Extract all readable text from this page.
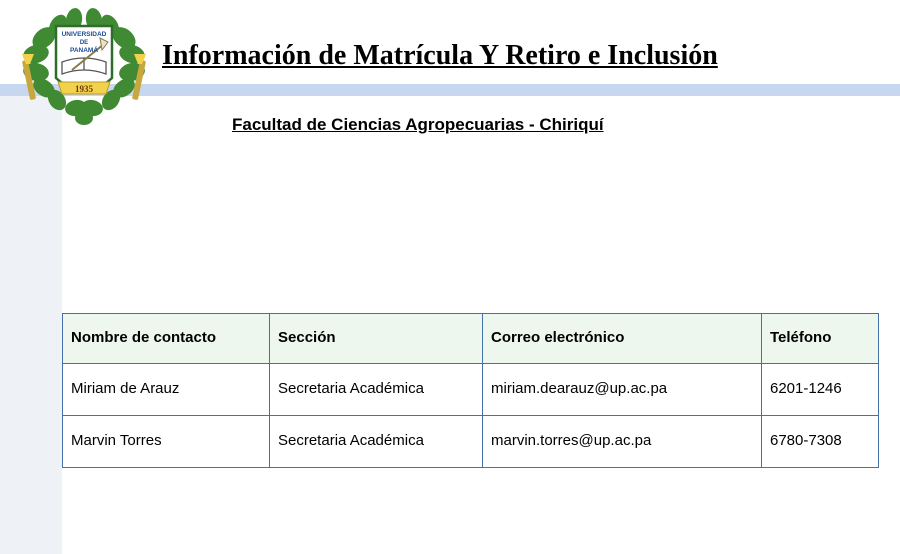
UNIVERSIDAD
DE
PANAMÁ
1935
Información de Matrícula Y Retiro e Inclusión
Facultad de Ciencias Agropecuarias - Chiriquí
Nombre de contacto	Sección	Correo electrónico	Teléfono
Miriam de Arauz	Secretaria Académica	miriam.dearauz@up.ac.pa	6201-1246
Marvin Torres	Secretaria Académica	marvin.torres@up.ac.pa	6780-7308
